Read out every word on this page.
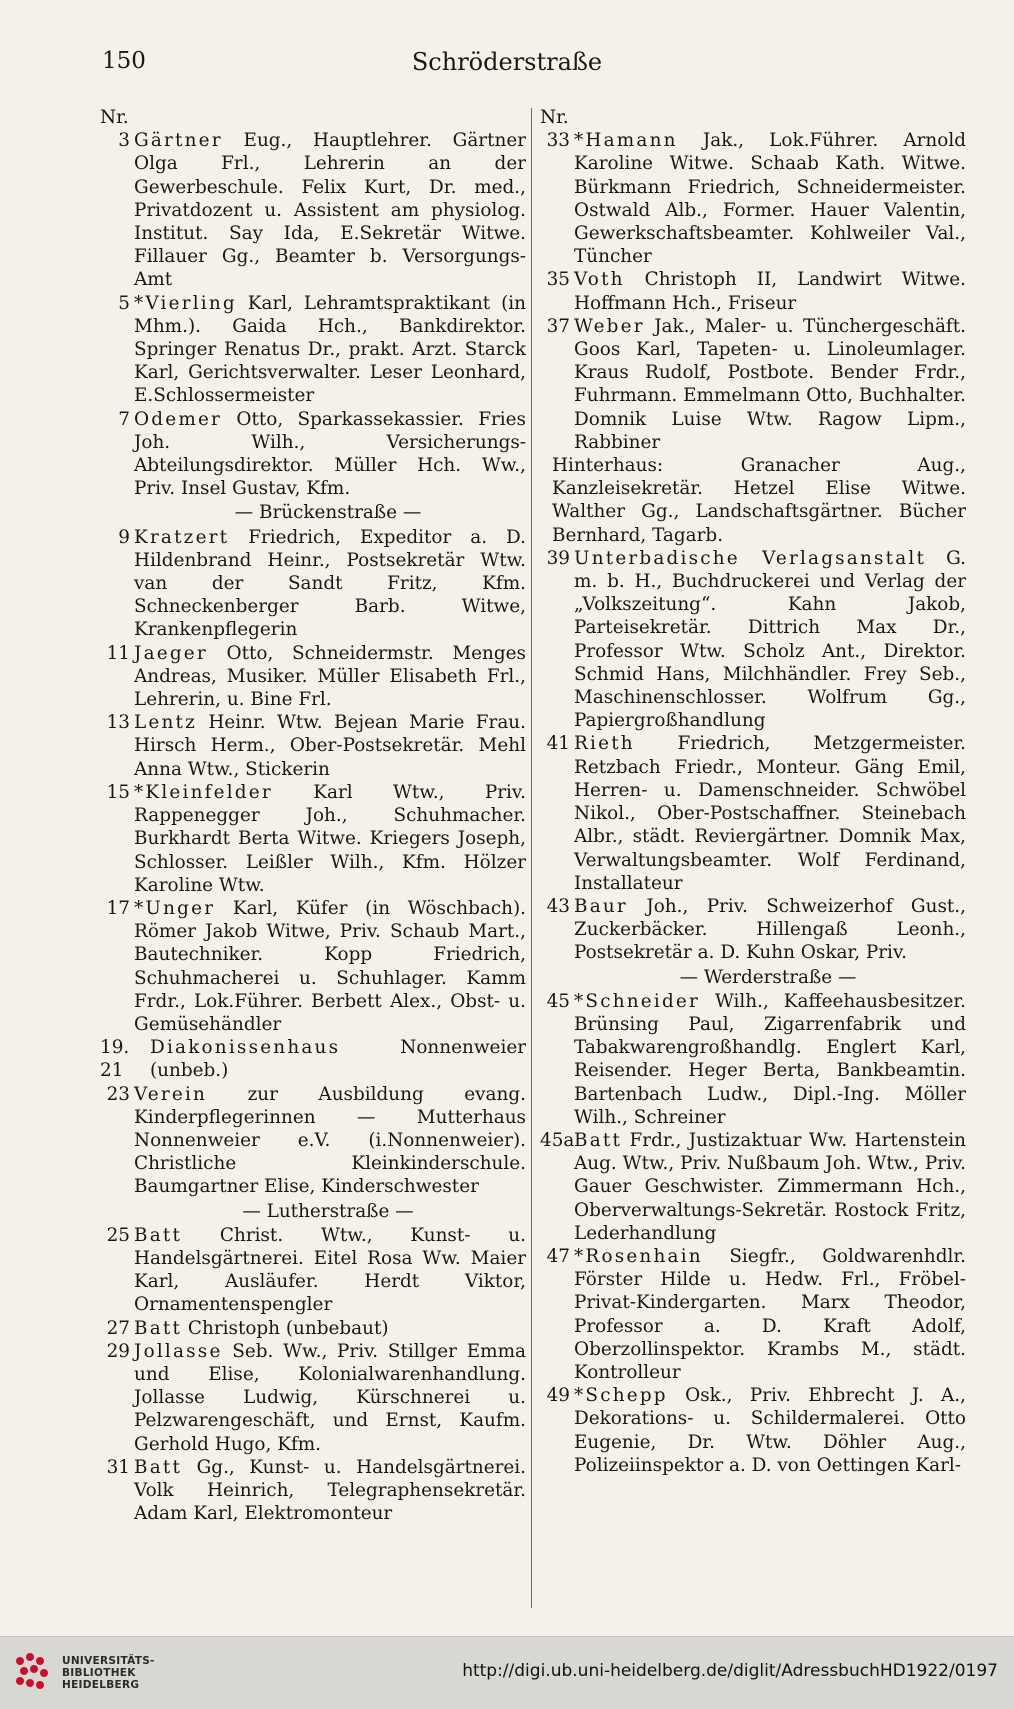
150	Schröderstraße
Nr.
3 Gärtner Eug., Hauptlehrer. Gärtner Olga Frl., Lehrerin an der Gewerbeschule. Felix Kurt, Dr. med., Privatdozent u. Assistent am physiolog. Institut. Say Ida, E.Sekretär Witwe. Fillauer Gg., Beamter b. Versorgungs-Amt
5 *Vierling Karl, Lehramtspraktikant (in Mhm.). Gaida Hch., Bankdirektor. Springer Renatus Dr., prakt. Arzt. Starck Karl, Gerichtsverwalter. Leser Leonhard, E.Schlossermeister
7 Odemer Otto, Sparkassekassier. Fries Joh. Wilh., Versicherungs-Abteilungsdirektor. Müller Hch. Ww., Priv. Insel Gustav, Kfm.
— Brückenstraße —
9 Kratzert Friedrich, Expeditor a. D. Hildenbrand Heinr., Postsekretär Wtw. van der Sandt Fritz, Kfm. Schneckenberger Barb. Witwe, Krankenpflegerin
11 Jaeger Otto, Schneidermstr. Menges Andreas, Musiker. Müller Elisabeth Frl., Lehrerin, u. Bine Frl.
13 Lentz Heinr. Wtw. Bejean Marie Frau. Hirsch Herm., Ober-Postsekretär. Mehl Anna Wtw., Stickerin
15 *Kleinfelder Karl Wtw., Priv. Rappenegger Joh., Schuhmacher. Burkhardt Berta Witwe. Kriegers Joseph, Schlosser. Leißler Wilh., Kfm. Hölzer Karoline Wtw.
17 *Unger Karl, Küfer (in Wöschbach). Römer Jakob Witwe, Priv. Schaub Mart., Bautechniker. Kopp Friedrich, Schuhmacherei u. Schuhlager. Kamm Frdr., Lok.Führer. Berbett Alex., Obst- u. Gemüsehändler
19. 21
Diakonissenhaus	Nonnenweier (unbeb.)
23 Verein zur Ausbildung evang. Kinderpflegerinnen — Mutterhaus Nonnenweier e.V. (i.Nonnenweier). Christliche Kleinkinderschule. Baumgartner Elise, Kinderschwester
— Lutherstraße —
25 Batt Christ. Wtw., Kunst- u. Handelsgärtnerei. Eitel Rosa Ww. Maier Karl, Ausläufer. Herdt Viktor, Ornamentenspengler
27 Batt Christoph (unbebaut)
29 Jollasse Seb. Ww., Priv. Stillger Emma und Elise, Kolonialwarenhandlung. Jollasse Ludwig, Kürschnerei u. Pelzwarengeschäft, und Ernst, Kaufm. Gerhold Hugo, Kfm.
31 Batt Gg., Kunst- u. Handelsgärtnerei. Volk Heinrich, Telegraphensekretär. Adam Karl, Elektromonteur
Nr.
33 *Hamann Jak., Lok.Führer. Arnold Karoline Witwe. Schaab Kath. Witwe. Bürkmann Friedrich, Schneidermeister. Ostwald Alb., Former. Hauer Valentin, Gewerkschaftsbeamter. Kohlweiler Val., Tüncher
35 Voth Christoph II, Landwirt Witwe. Hoffmann Hch., Friseur
37 Weber Jak., Maler- u. Tünchergeschäft. Goos Karl, Tapeten- u. Linoleumlager. Kraus Rudolf, Postbote. Bender Frdr., Fuhrmann. Emmelmann Otto, Buchhalter. Domnik Luise Wtw. Ragow Lipm., Rabbiner
Hinterhaus: Granacher Aug., Kanzleisekretär. Hetzel Elise Witwe. Walther Gg., Landschaftsgärtner. Bücher Bernhard, Tagarb.
39 Unterbadische Verlagsanstalt G. m. b. H., Buchdruckerei und Verlag der „Volkszeitung“. Kahn Jakob, Parteisekretär. Dittrich Max Dr., Professor Wtw. Scholz Ant., Direktor. Schmid Hans, Milchhändler. Frey Seb., Maschinenschlosser. Wolfrum Gg., Papiergroßhandlung
41 Rieth Friedrich, Metzgermeister. Retzbach Friedr., Monteur. Gäng Emil, Herren- u. Damenschneider. Schwöbel Nikol., Ober-Postschaffner. Steinebach Albr., städt. Reviergärtner. Domnik Max, Verwaltungsbeamter. Wolf Ferdinand, Installateur
43 Baur Joh., Priv. Schweizerhof Gust., Zuckerbäcker. Hillengaß Leonh., Postsekretär a. D. Kuhn Oskar, Priv.
— Werderstraße —
45 *Schneider Wilh., Kaffeehausbesitzer. Brünsing Paul, Zigarrenfabrik und Tabakwarengroßhandlg. Englert Karl, Reisender. Heger Berta, Bankbeamtin. Bartenbach Ludw., Dipl.-Ing. Möller Wilh., Schreiner
45a Batt Frdr., Justizaktuar Ww. Hartenstein Aug. Wtw., Priv. Nußbaum Joh. Wtw., Priv. Gauer Geschwister. Zimmermann Hch., Oberverwaltungs-Sekretär. Rostock Fritz, Lederhandlung
47 *Rosenhain Siegfr., Goldwarenhdlr. Förster Hilde u. Hedw. Frl., Fröbel-Privat-Kindergarten. Marx Theodor, Professor a. D. Kraft Adolf, Oberzollinspektor. Krambs M., städt. Kontrolleur
49 *Schepp Osk., Priv. Ehbrecht J. A., Dekorations- u. Schildermalerei. Otto Eugenie, Dr. Wtw. Döhler Aug., Polizeiinspektor a. D. von Oettingen Karl-
UNIVERSITÄTS-
BIBLIOTHEK
HEIDELBERG
http://digi.ub.uni-heidelberg.de/diglit/AdressbuchHD1922/0197
